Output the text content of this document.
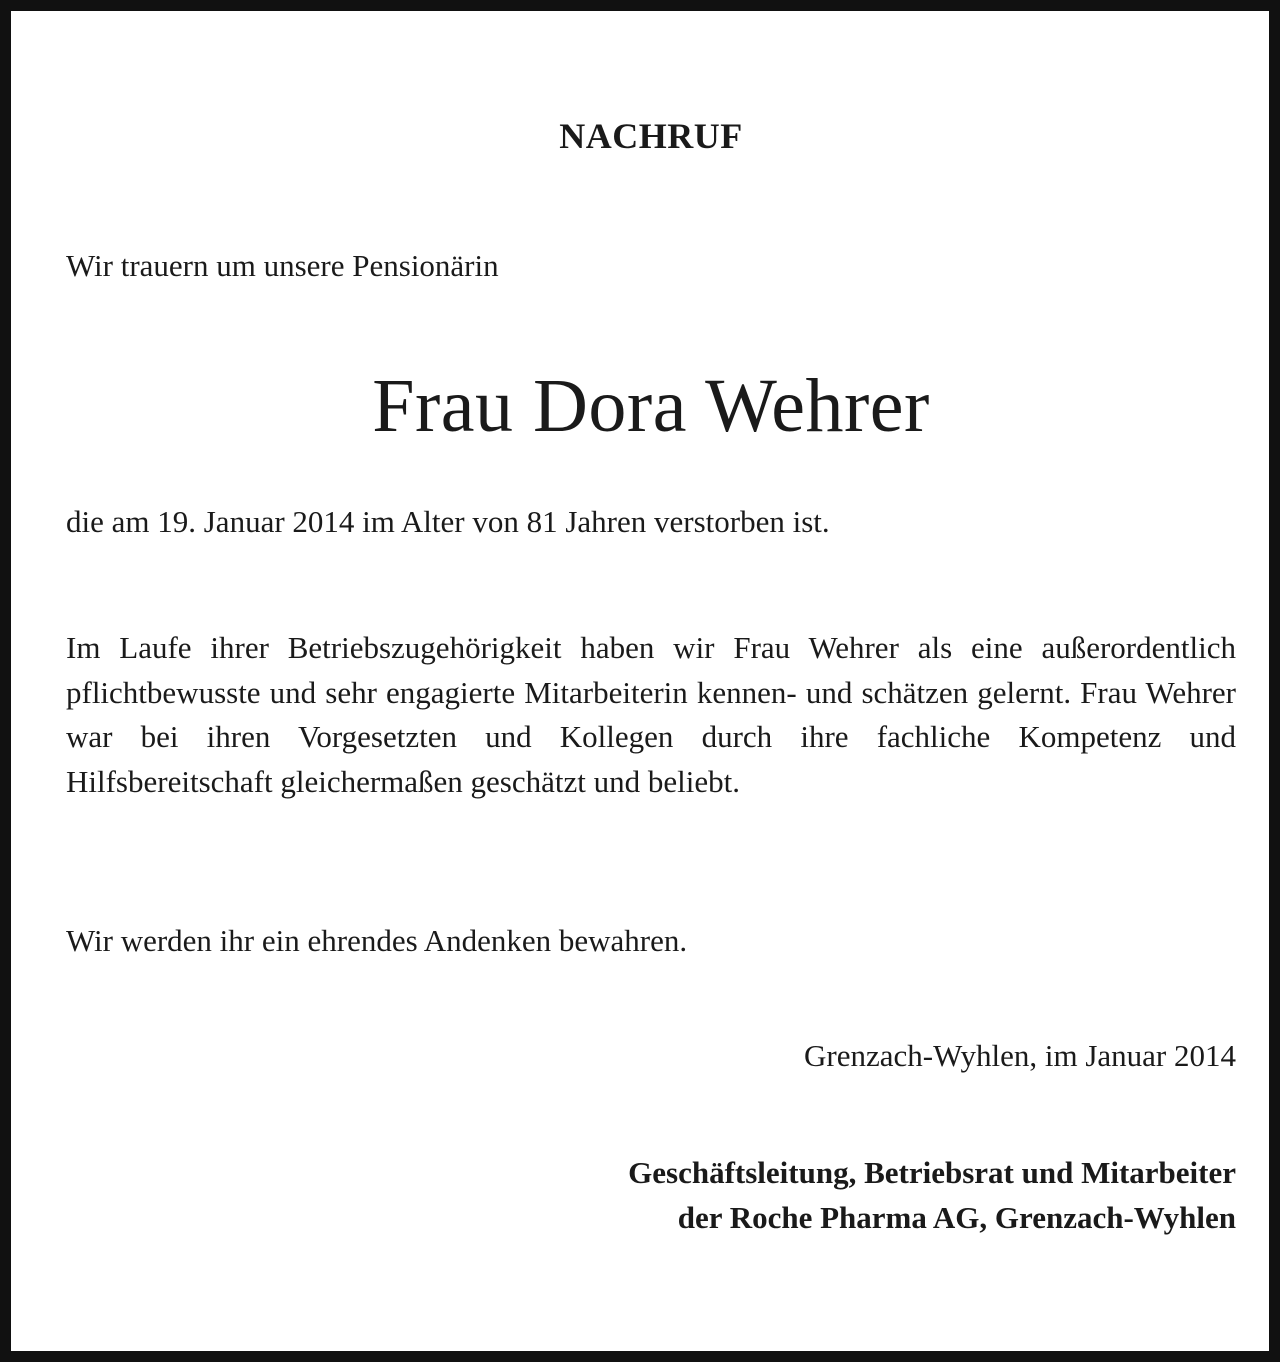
NACHRUF
Wir trauern um unsere Pensionärin
Frau Dora Wehrer
die am 19. Januar 2014 im Alter von 81 Jahren verstorben ist.
Im Laufe ihrer Betriebszugehörigkeit haben wir Frau Wehrer als eine außerordentlich pflichtbewusste und sehr engagierte Mitarbeiterin kennen- und schätzen gelernt. Frau Wehrer war bei ihren Vorgesetzten und Kollegen durch ihre fachliche Kompetenz und Hilfsbereitschaft gleichermaßen geschätzt und beliebt.
Wir werden ihr ein ehrendes Andenken bewahren.
Grenzach-Wyhlen, im Januar 2014
Geschäftsleitung, Betriebsrat und Mitarbeiter
der Roche Pharma AG, Grenzach-Wyhlen
